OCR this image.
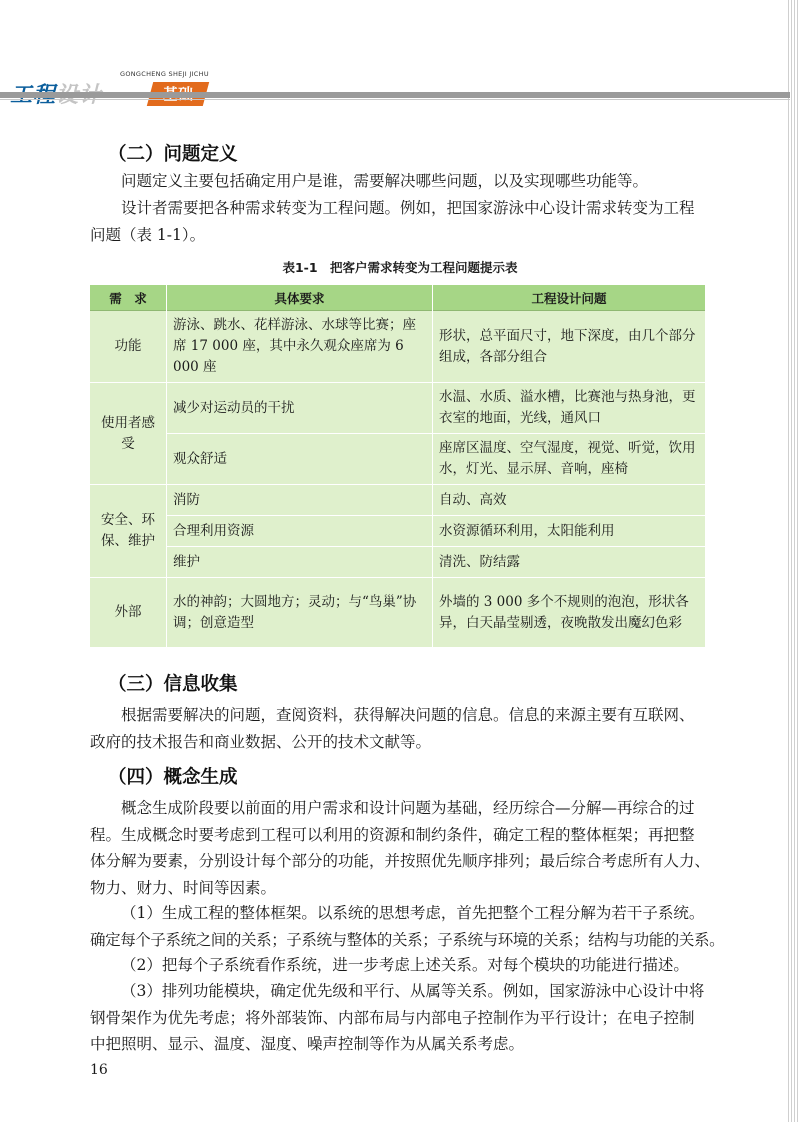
GONGCHENG SHEJI JICHU
（二）问题定义
问题定义主要包括确定用户是谁，需要解决哪些问题，以及实现哪些功能等。
设计者需要把各种需求转变为工程问题。例如，把国家游泳中心设计需求转变为工程
问题（表 1-1）。
表1-1　把客户需求转变为工程问题提示表
需　求	具体要求	工程设计问题
功能	游泳、跳水、花样游泳、水球等比赛；座席 17 000 座，其中永久观众座席为 6 000 座	形状，总平面尺寸，地下深度，由几个部分组成，各部分组合
使用者感受	减少对运动员的干扰	水温、水质、溢水槽，比赛池与热身池，更衣室的地面，光线，通风口
	观众舒适	座席区温度、空气湿度，视觉、听觉，饮用水，灯光、显示屏、音响，座椅
安全、环保、维护	消防	自动、高效
	合理利用资源	水资源循环利用，太阳能利用
	维护	清洗、防结露
外部	水的神韵；大圆地方；灵动；与“鸟巢”协调；创意造型	外墙的 3 000 多个不规则的泡泡，形状各异，白天晶莹剔透，夜晚散发出魔幻色彩
（三）信息收集
根据需要解决的问题，查阅资料，获得解决问题的信息。信息的来源主要有互联网、
政府的技术报告和商业数据、公开的技术文献等。
（四）概念生成
概念生成阶段要以前面的用户需求和设计问题为基础，经历综合—分解—再综合的过
程。生成概念时要考虑到工程可以利用的资源和制约条件，确定工程的整体框架；再把整
体分解为要素，分别设计每个部分的功能，并按照优先顺序排列；最后综合考虑所有人力、
物力、财力、时间等因素。
（1）生成工程的整体框架。以系统的思想考虑，首先把整个工程分解为若干子系统。
确定每个子系统之间的关系；子系统与整体的关系；子系统与环境的关系；结构与功能的关系。
（2）把每个子系统看作系统，进一步考虑上述关系。对每个模块的功能进行描述。
（3）排列功能模块，确定优先级和平行、从属等关系。例如，国家游泳中心设计中将
钢骨架作为优先考虑；将外部装饰、内部布局与内部电子控制作为平行设计；在电子控制
中把照明、显示、温度、湿度、噪声控制等作为从属关系考虑。
16
